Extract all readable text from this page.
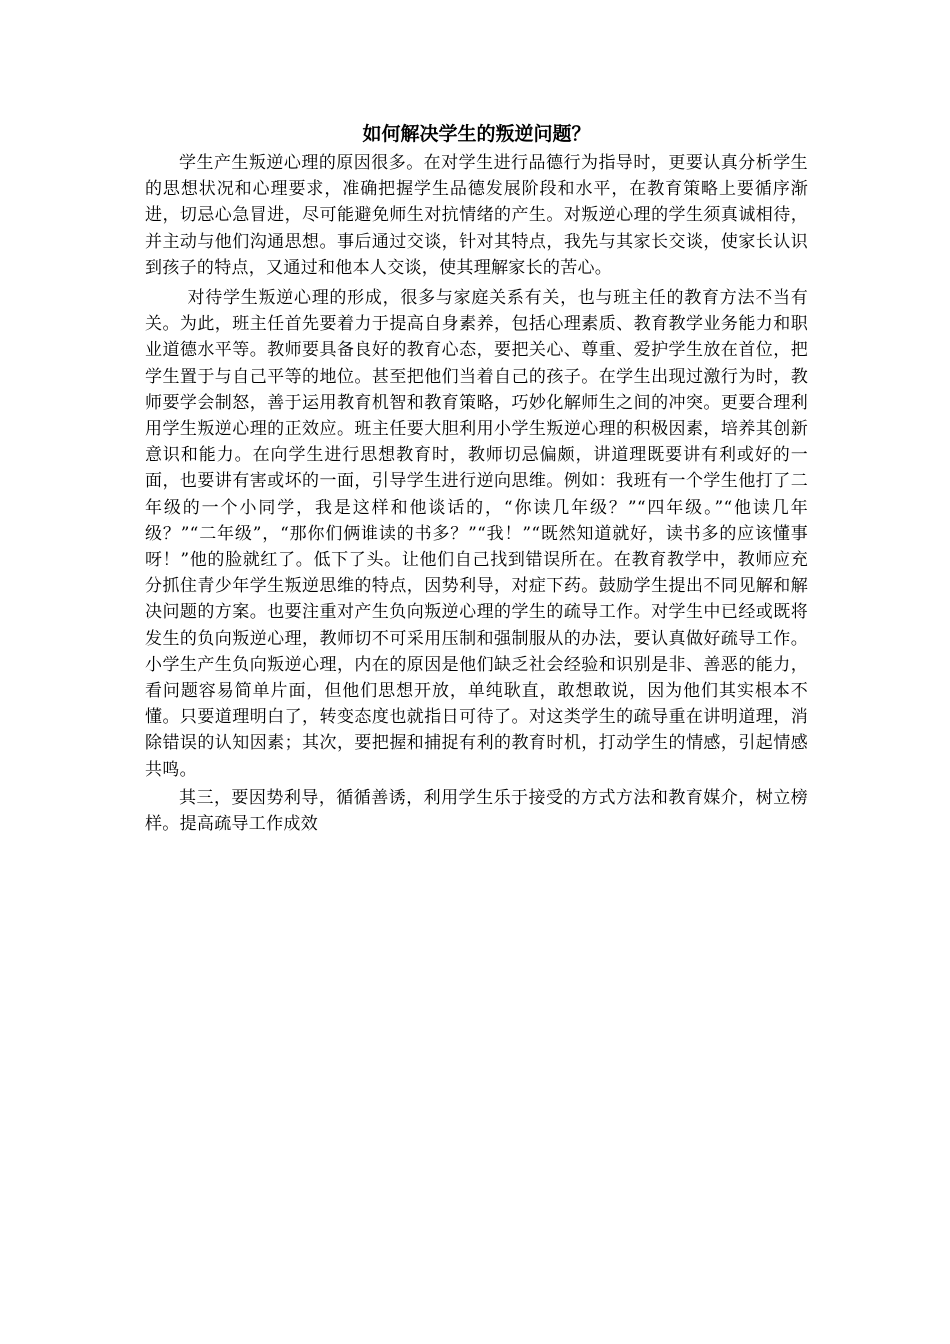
如何解决学生的叛逆问题？

学生产生叛逆心理的原因很多。在对学生进行品德行为指导时，更要认真分析学生的思想状况和心理要求，准确把握学生品德发展阶段和水平，在教育策略上要循序渐进，切忌心急冒进，尽可能避免师生对抗情绪的产生。对叛逆心理的学生须真诚相待，并主动与他们沟通思想。事后通过交谈，针对其特点，我先与其家长交谈，使家长认识到孩子的特点，又通过和他本人交谈，使其理解家长的苦心。

对待学生叛逆心理的形成，很多与家庭关系有关，也与班主任的教育方法不当有关。为此，班主任首先要着力于提高自身素养，包括心理素质、教育教学业务能力和职业道德水平等。教师要具备良好的教育心态，要把关心、尊重、爱护学生放在首位，把学生置于与自己平等的地位。甚至把他们当着自己的孩子。在学生出现过激行为时，教师要学会制怒，善于运用教育机智和教育策略，巧妙化解师生之间的冲突。更要合理利用学生叛逆心理的正效应。班主任要大胆利用小学生叛逆心理的积极因素，培养其创新意识和能力。在向学生进行思想教育时，教师切忌偏颇，讲道理既要讲有利或好的一面，也要讲有害或坏的一面，引导学生进行逆向思维。例如：我班有一个学生他打了二年级的一个小同学，我是这样和他谈话的，“你读几年级？”“四年级。”“他读几年级？”“二年级”，“那你们俩谁读的书多？”“我！”“既然知道就好，读书多的应该懂事呀！”他的脸就红了。低下了头。让他们自己找到错误所在。在教育教学中，教师应充分抓住青少年学生叛逆思维的特点，因势利导，对症下药。鼓励学生提出不同见解和解决问题的方案。也要注重对产生负向叛逆心理的学生的疏导工作。对学生中已经或既将发生的负向叛逆心理，教师切不可采用压制和强制服从的办法，要认真做好疏导工作。小学生产生负向叛逆心理，内在的原因是他们缺乏社会经验和识别是非、善恶的能力，看问题容易简单片面，但他们思想开放，单纯耿直，敢想敢说，因为他们其实根本不懂。只要道理明白了，转变态度也就指日可待了。对这类学生的疏导重在讲明道理，消除错误的认知因素；其次，要把握和捕捉有利的教育时机，打动学生的情感，引起情感共鸣。

其三，要因势利导，循循善诱，利用学生乐于接受的方式方法和教育媒介，树立榜样。提高疏导工作成效
